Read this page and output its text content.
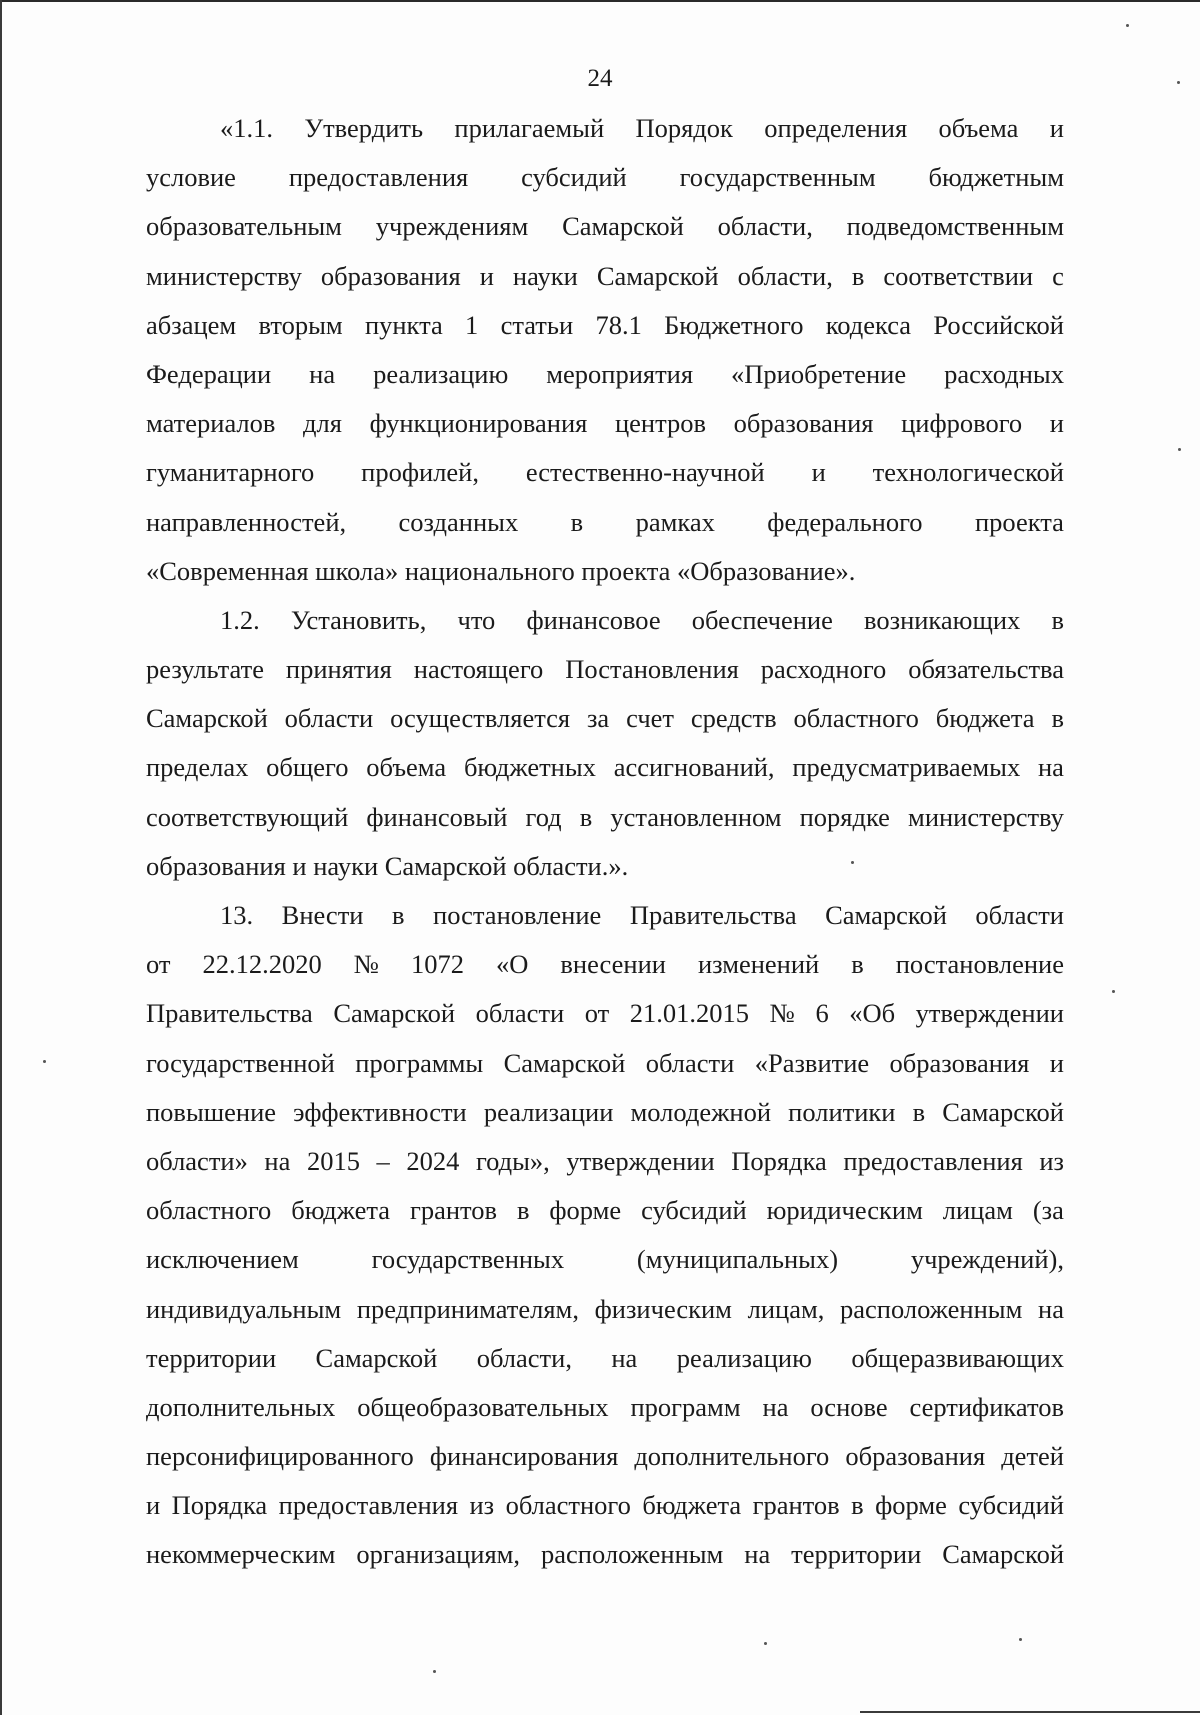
24
«1.1. Утвердить прилагаемый Порядок определения объема и
условие предоставления субсидий государственным бюджетным
образовательным учреждениям Самарской области, подведомственным
министерству образования и науки Самарской области, в соответствии с
абзацем вторым пункта 1 статьи 78.1 Бюджетного кодекса Российской
Федерации на реализацию мероприятия «Приобретение расходных
материалов для функционирования центров образования цифрового и
гуманитарного профилей, естественно-научной и технологической
направленностей, созданных в рамках федерального проекта
«Современная школа» национального проекта «Образование».
1.2. Установить, что финансовое обеспечение возникающих в
результате принятия настоящего Постановления расходного обязательства
Самарской области осуществляется за счет средств областного бюджета в
пределах общего объема бюджетных ассигнований, предусматриваемых на
соответствующий финансовый год в установленном порядке министерству
образования и науки Самарской области.».
13. Внести в постановление Правительства Самарской области
от 22.12.2020 № 1072 «О внесении изменений в постановление
Правительства Самарской области от 21.01.2015 № 6 «Об утверждении
государственной программы Самарской области «Развитие образования и
повышение эффективности реализации молодежной политики в Самарской
области» на 2015 – 2024 годы», утверждении Порядка предоставления из
областного бюджета грантов в форме субсидий юридическим лицам (за
исключением	государственных	(муниципальных)	учреждений),
индивидуальным предпринимателям, физическим лицам, расположенным на
территории Самарской области, на реализацию общеразвивающих
дополнительных общеобразовательных программ на основе сертификатов
персонифицированного финансирования дополнительного образования детей
и Порядка предоставления из областного бюджета грантов в форме субсидий
некоммерческим организациям, расположенным на территории Самарской
